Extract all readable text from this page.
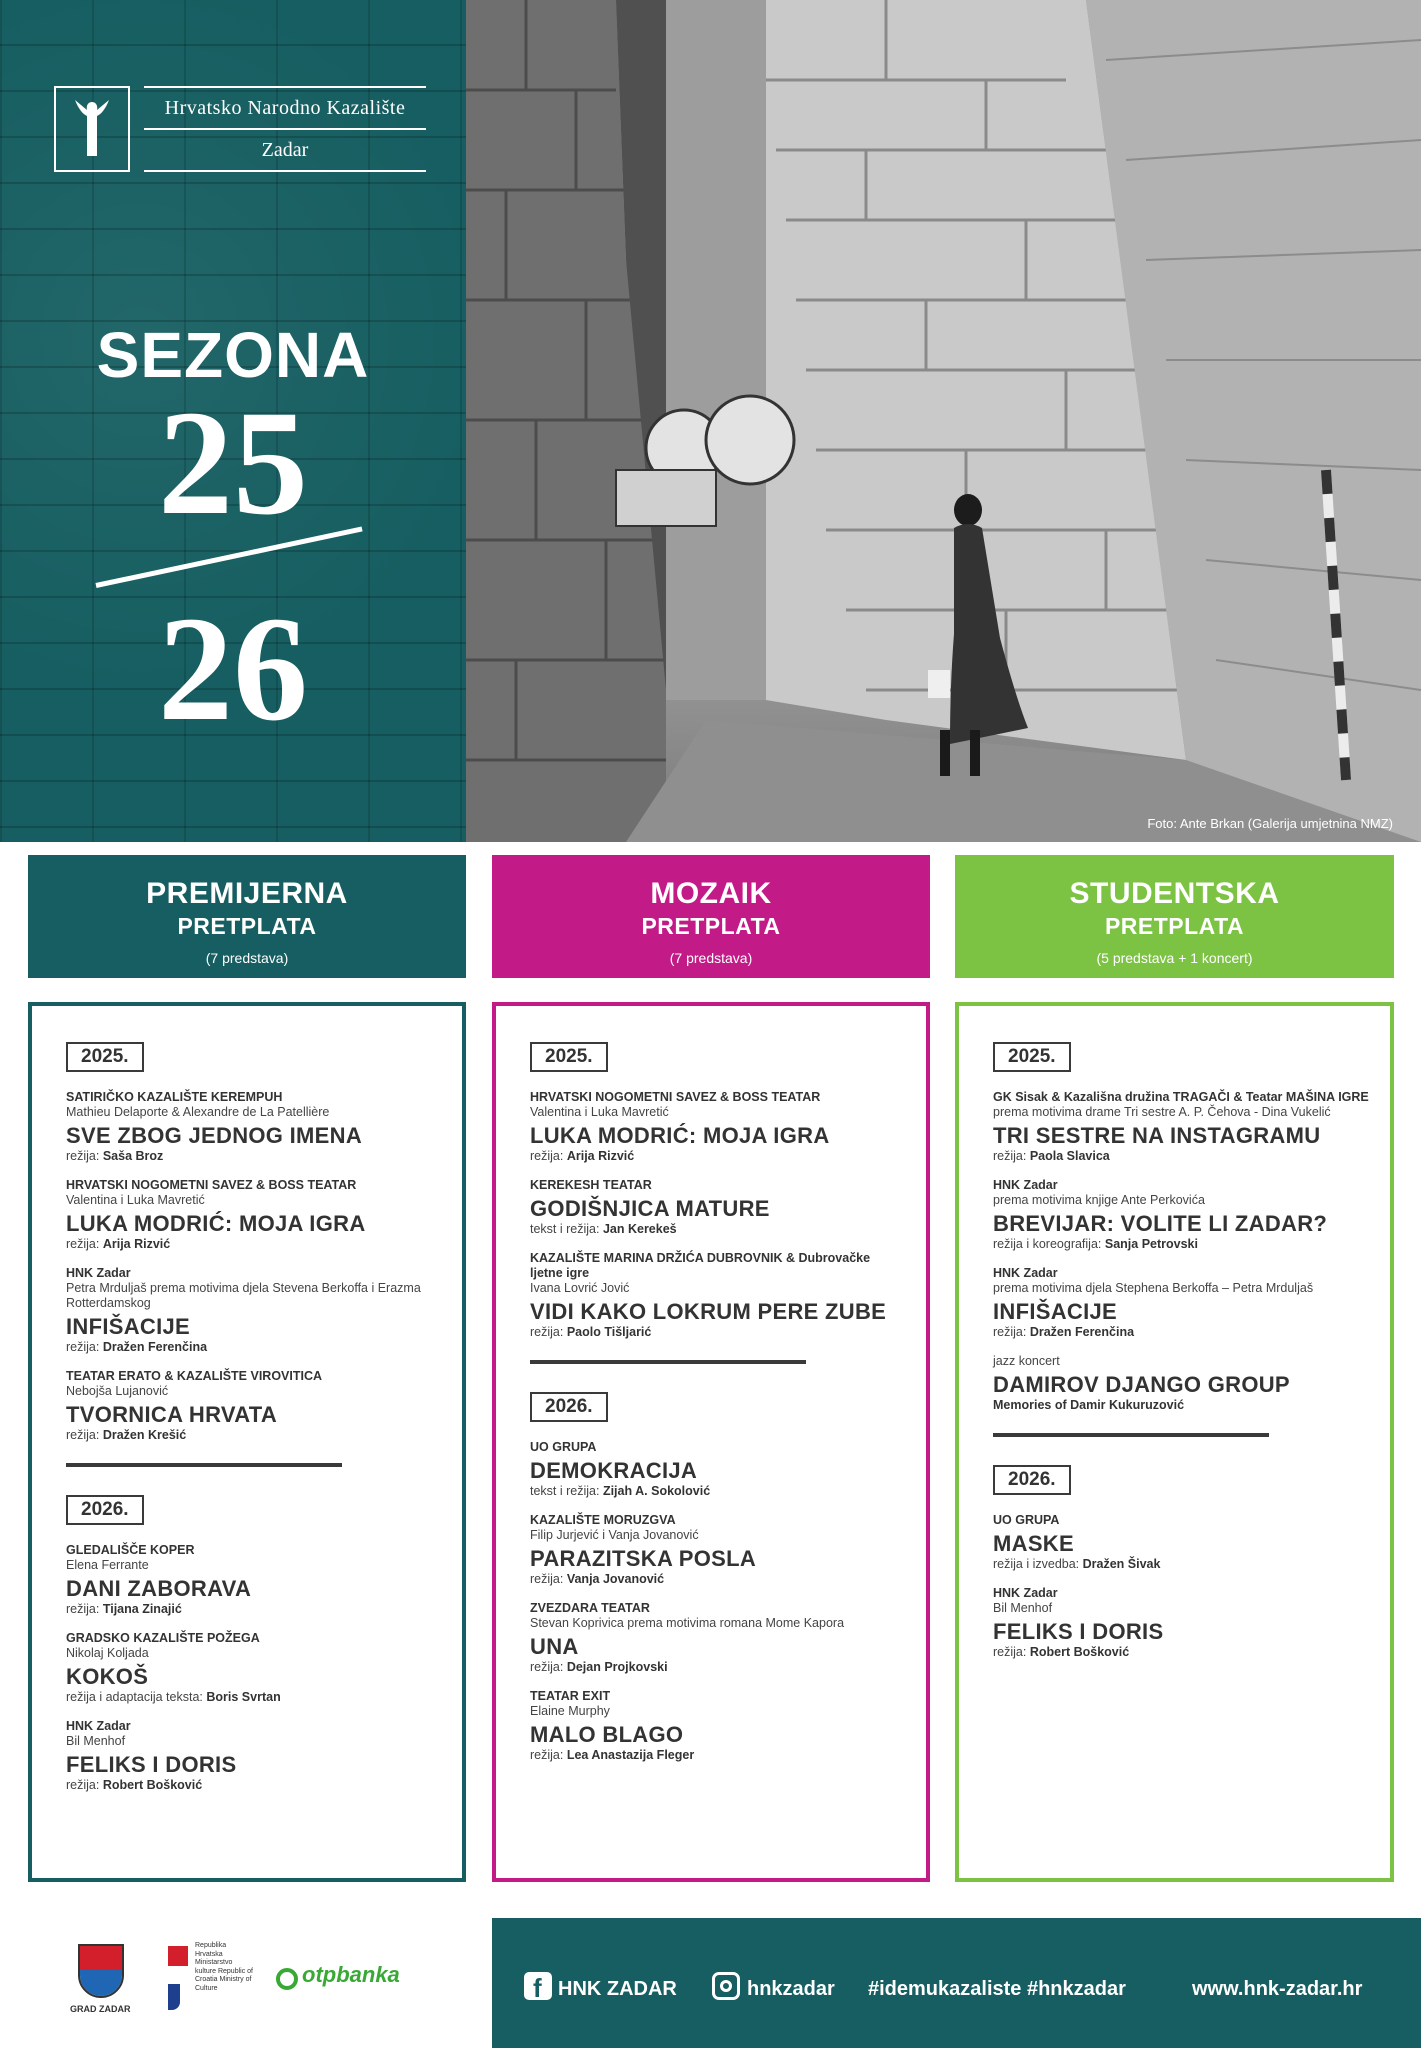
Hrvatsko Narodno Kazalište
Zadar
SEZONA
25
26
Foto: Ante Brkan (Galerija umjetnina NMZ)
PREMIJERNA
PRETPLATA
(7 predstava)
MOZAIK
PRETPLATA
(7 predstava)
STUDENTSKA
PRETPLATA
(5 predstava + 1 koncert)
2025.
SATIRIČKO KAZALIŠTE KEREMPUH
Mathieu Delaporte & Alexandre de La Patellière
SVE ZBOG JEDNOG IMENA
režija: Saša Broz
HRVATSKI NOGOMETNI SAVEZ & BOSS TEATAR
Valentina i Luka Mavretić
LUKA MODRIĆ: MOJA IGRA
režija: Arija Rizvić
HNK Zadar
Petra Mrduljaš prema motivima djela Stevena Berkoffa i Erazma Rotterdamskog
INFIŠACIJE
režija: Dražen Ferenčina
TEATAR ERATO & KAZALIŠTE VIROVITICA
Nebojša Lujanović
TVORNICA HRVATA
režija: Dražen Krešić
2026.
GLEDALIŠČE KOPER
Elena Ferrante
DANI ZABORAVA
režija: Tijana Zinajić
GRADSKO KAZALIŠTE POŽEGA
Nikolaj Koljada
KOKOŠ
režija i adaptacija teksta: Boris Svrtan
HNK Zadar
Bil Menhof
FELIKS I DORIS
režija: Robert Bošković
2025.
HRVATSKI NOGOMETNI SAVEZ & BOSS TEATAR
Valentina i Luka Mavretić
LUKA MODRIĆ: MOJA IGRA
režija: Arija Rizvić
KEREKESH TEATAR
GODIŠNJICA MATURE
tekst i režija: Jan Kerekeš
KAZALIŠTE MARINA DRŽIĆA DUBROVNIK & Dubrovačke ljetne igre
Ivana Lovrić Jović
VIDI KAKO LOKRUM PERE ZUBE
režija: Paolo Tišljarić
2026.
UO GRUPA
DEMOKRACIJA
tekst i režija: Zijah A. Sokolović
KAZALIŠTE MORUZGVA
Filip Jurjević i Vanja Jovanović
PARAZITSKA POSLA
režija: Vanja Jovanović
ZVEZDARA TEATAR
Stevan Koprivica prema motivima romana Mome Kapora
UNA
režija: Dejan Projkovski
TEATAR EXIT
Elaine Murphy
MALO BLAGO
režija: Lea Anastazija Fleger
2025.
GK Sisak & Kazališna družina TRAGAČI & Teatar MAŠINA IGRE
prema motivima drame Tri sestre A. P. Čehova - Dina Vukelić
TRI SESTRE NA INSTAGRAMU
režija: Paola Slavica
HNK Zadar
prema motivima knjige Ante Perkovića
BREVIJAR: VOLITE LI ZADAR?
režija i koreografija: Sanja Petrovski
HNK Zadar
prema motivima djela Stephena Berkoffa – Petra Mrduljaš
INFIŠACIJE
režija: Dražen Ferenčina
jazz koncert
DAMIROV DJANGO GROUP
Memories of Damir Kukuruzović
2026.
UO GRUPA
MASKE
režija i izvedba: Dražen Šivak
HNK Zadar
Bil Menhof
FELIKS I DORIS
režija: Robert Bošković
GRAD ZADAR
Republika Hrvatska Ministarstvo kulture Republic of Croatia Ministry of Culture
otpbanka	f HNK ZADAR	hnkzadar #idemukazaliste #hnkzadar	www.hnk-zadar.hr
